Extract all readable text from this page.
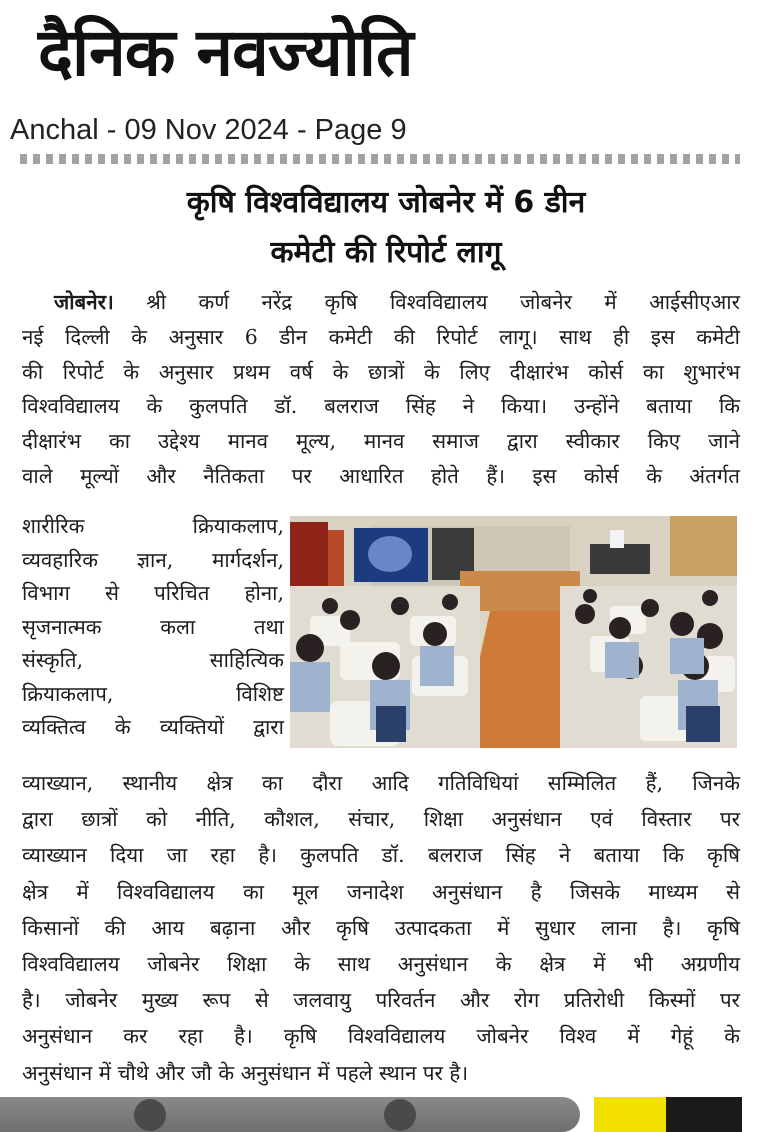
दैनिक नवज्योति
Anchal - 09 Nov 2024 - Page 9
कृषि विश्वविद्यालय जोबनेर में 6 डीन
कमेटी की रिपोर्ट लागू

जोबनेर। श्री कर्ण नरेंद्र कृषि विश्वविद्यालय जोबनेर में आईसीएआर

नई दिल्ली के अनुसार 6 डीन कमेटी की रिपोर्ट लागू। साथ ही इस कमेटी

की रिपोर्ट के अनुसार प्रथम वर्ष के छात्रों के लिए दीक्षारंभ कोर्स का शुभारंभ

विश्वविद्यालय के कुलपति डॉ. बलराज सिंह ने किया। उन्होंने बताया कि

दीक्षारंभ का उद्देश्य मानव मूल्य, मानव समाज द्वारा स्वीकार किए जाने

वाले मूल्यों और नैतिकता पर आधारित होते हैं। इस कोर्स के अंतर्गत

शारीरिक क्रियाकलाप,

व्यवहारिक ज्ञान, मार्गदर्शन,

विभाग से परिचित होना,

सृजनात्मक कला तथा

संस्कृति, साहित्यिक

क्रियाकलाप, विशिष्ट

व्यक्तित्व के व्यक्तियों द्वारा

व्याख्यान, स्थानीय क्षेत्र का दौरा आदि गतिविधियां सम्मिलित हैं, जिनके

द्वारा छात्रों को नीति, कौशल, संचार, शिक्षा अनुसंधान एवं विस्तार पर

व्याख्यान दिया जा रहा है। कुलपति डॉ. बलराज सिंह ने बताया कि कृषि

क्षेत्र में विश्वविद्यालय का मूल जनादेश अनुसंधान है जिसके माध्यम से

किसानों की आय बढ़ाना और कृषि उत्पादकता में सुधार लाना है। कृषि

विश्वविद्यालय जोबनेर शिक्षा के साथ अनुसंधान के क्षेत्र में भी अग्रणीय

है। जोबनेर मुख्य रूप से जलवायु परिवर्तन और रोग प्रतिरोधी किस्मों पर

अनुसंधान कर रहा है। कृषि विश्वविद्यालय जोबनेर विश्व में गेहूं के

अनुसंधान में चौथे और जौ के अनुसंधान में पहले स्थान पर है।
